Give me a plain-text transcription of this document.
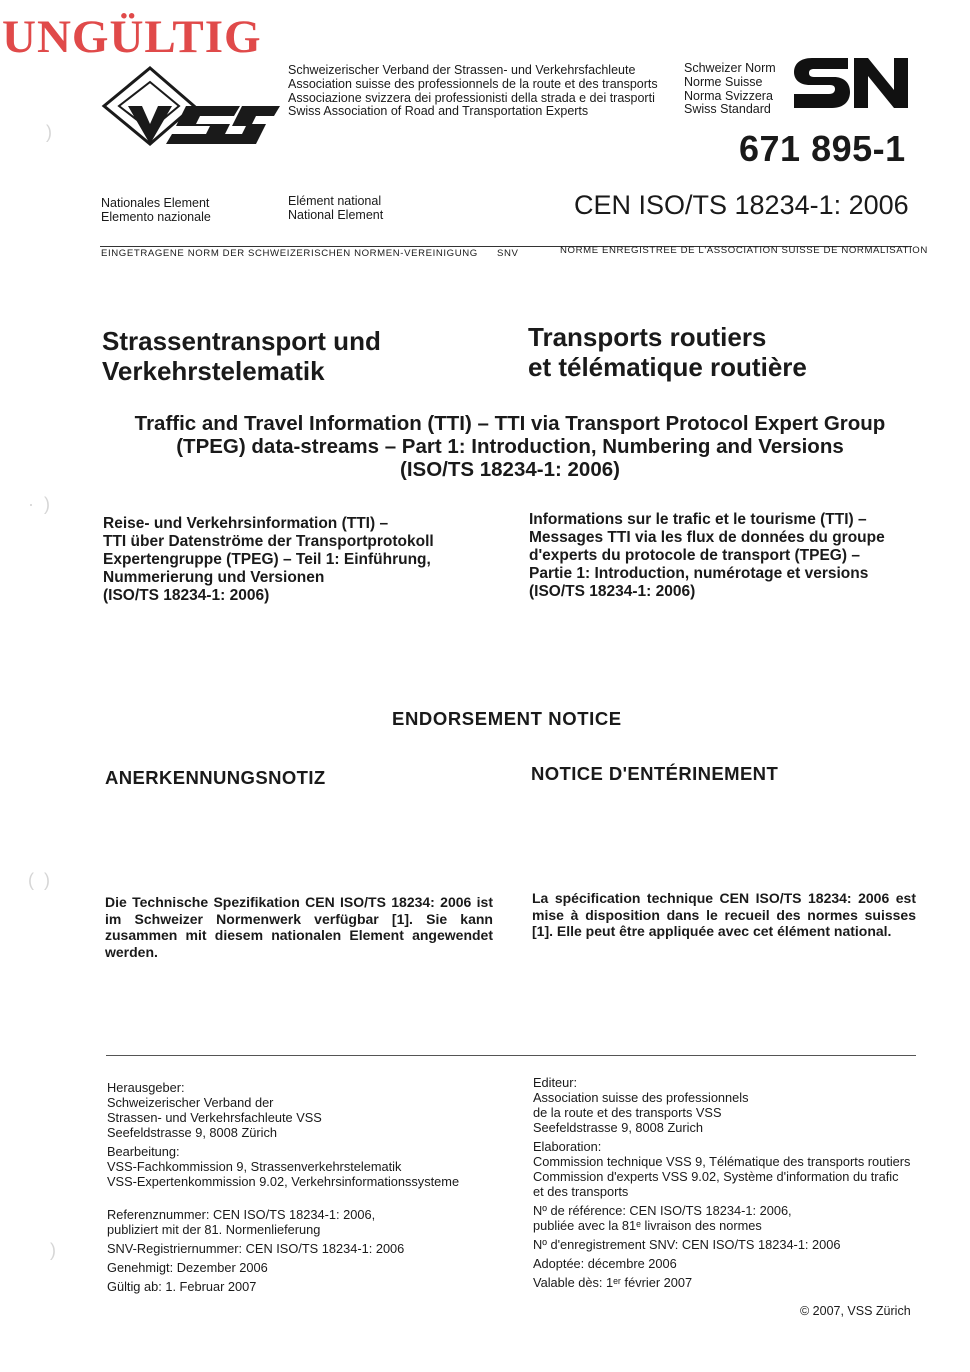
UNGÜLTIG
Schweizerischer Verband der Strassen- und Verkehrsfachleute
Association suisse des professionnels de la route et des transports
Associazione svizzera dei professionisti della strada e dei trasporti
Swiss Association of Road and Transportation Experts
Schweizer Norm
Norme Suisse
Norma Svizzera
Swiss Standard
671 895-1
Nationales Element
Elemento nazionale
Elément national
National Element	CEN ISO/TS 18234-1: 2006
EINGETRAGENE NORM DER SCHWEIZERISCHEN NORMEN-VEREINIGUNG SNV	NORME ENREGISTREE DE L'ASSOCIATION SUISSE DE NORMALISATION
Strassentransport und
Verkehrstelematik
Transports routiers
et télématique routière
Traffic and Travel Information (TTI) – TTI via Transport Protocol Expert Group
(TPEG) data-streams – Part 1: Introduction, Numbering and Versions
(ISO/TS 18234-1: 2006)
Reise- und Verkehrsinformation (TTI) –
TTI über Datenströme der Transportprotokoll
Expertengruppe (TPEG) – Teil 1: Einführung,
Nummerierung und Versionen
(ISO/TS 18234-1: 2006)
Informations sur le trafic et le tourisme (TTI) –
Messages TTI via les flux de données du groupe
d'experts du protocole de transport (TPEG) –
Partie 1: Introduction, numérotage et versions
(ISO/TS 18234-1: 2006)
ENDORSEMENT NOTICE
ANERKENNUNGSNOTIZ	NOTICE D'ENTÉRINEMENT
Die Technische Spezifikation CEN ISO/TS 18234: 2006 ist im Schweizer Normenwerk verfügbar [1]. Sie kann zusammen mit diesem nationalen Element angewendet werden.
La spécification technique CEN ISO/TS 18234: 2006 est mise à disposition dans le recueil des normes suisses [1]. Elle peut être appliquée avec cet élément national.
Herausgeber:
Schweizerischer Verband der
Strassen- und Verkehrsfachleute VSS
Seefeldstrasse 9, 8008 Zürich
Bearbeitung:
VSS-Fachkommission 9, Strassenverkehrstelematik
VSS-Expertenkommission 9.02, Verkehrsinformationssysteme
Referenznummer: CEN ISO/TS 18234-1: 2006,
publiziert mit der 81. Normenlieferung
SNV-Registriernummer: CEN ISO/TS 18234-1: 2006
Genehmigt: Dezember 2006
Gültig ab: 1. Februar 2007
Editeur:
Association suisse des professionnels
de la route et des transports VSS
Seefeldstrasse 9, 8008 Zurich
Elaboration:
Commission technique VSS 9, Télématique des transports routiers
Commission d'experts VSS 9.02, Système d'information du trafic
et des transports
Nº de référence: CEN ISO/TS 18234-1: 2006,
publiée avec la 81ᵉ livraison des normes
Nº d'enregistrement SNV: CEN ISO/TS 18234-1: 2006
Adoptée: décembre 2006
Valable dès: 1ᵉʳ février 2007
© 2007, VSS Zürich
)
·  )
(  )
)
